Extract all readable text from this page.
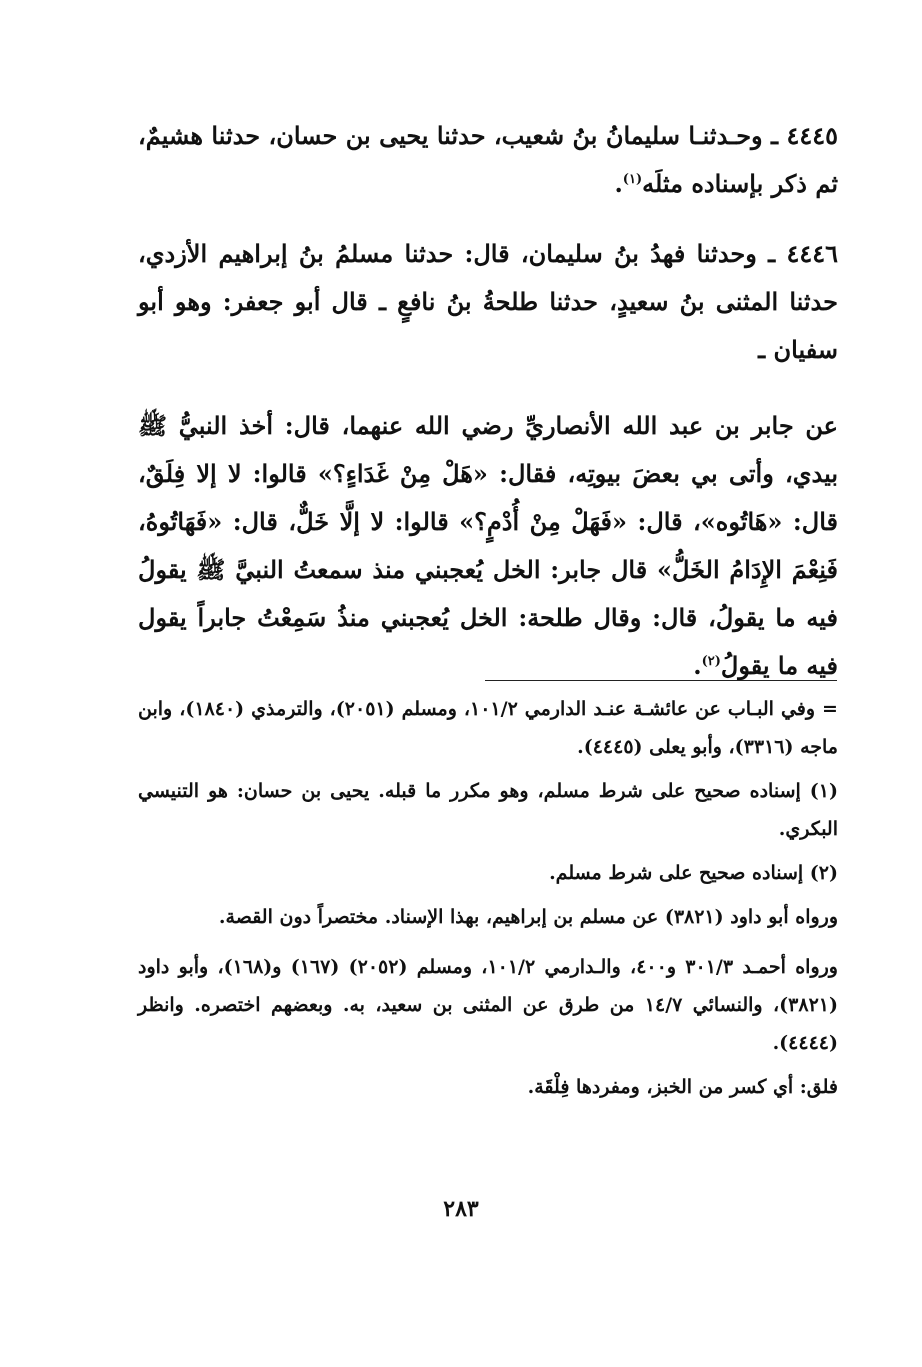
٤٤٤٥ ـ وحـدثنـا سليمانُ بنُ شعيب، حدثنا يحيى بن حسان، حدثنا هشيمٌ، ثم ذكر بإسناده مثلَه$^{(١)}$.

٤٤٤٦ ـ وحدثنا فهدُ بنُ سليمان، قال: حدثنا مسلمُ بنُ إبراهيم الأزدي، حدثنا المثنى بنُ سعيدٍ، حدثنا طلحةُ بنُ نافعٍ ـ قال أبو جعفر: وهو أبو سفيان ـ

عن جابر بن عبد الله الأنصاريِّ رضي الله عنهما، قال: أخذ النبيُّ ﷺ بيدي، وأتى بي بعضَ بيوتِه، فقال: «هَلْ مِنْ غَدَاءٍ؟» قالوا: لا إلا فِلَقٌ، قال: «هَاتُوه»، قال: «فَهَلْ مِنْ أُدْمٍ؟» قالوا: لا إلَّا خَلٌّ، قال: «فَهَاتُوهُ، فَنِعْمَ الإِدَامُ الخَلُّ» قال جابر: الخل يُعجبني منذ سمعتُ النبيَّ ﷺ يقولُ فيه ما يقولُ، قال: وقال طلحة: الخل يُعجبني منذُ سَمِعْتُ جابراً يقول فيه ما يقولُ$^{(٢)}$.

= وفي البـاب عن عائشـة عنـد الدارمي ١٠١/٢، ومسلم (٢٠٥١)، والترمذي (١٨٤٠)، وابن ماجه (٣٣١٦)، وأبو يعلى (٤٤٤٥).

(١) إسناده صحيح على شرط مسلم، وهو مكرر ما قبله. يحيى بن حسان: هو التنيسي البكري.

(٢) إسناده صحيح على شرط مسلم.

ورواه أبو داود (٣٨٢١) عن مسلم بن إبراهيم، بهذا الإسناد. مختصراً دون القصة.

ورواه أحمـد ٣٠١/٣ و٤٠٠، والـدارمي ١٠١/٢، ومسلم (٢٠٥٢) (١٦٧) و(١٦٨)، وأبو داود (٣٨٢١)، والنسائي ١٤/٧ من طرق عن المثنى بن سعيد، به. وبعضهم اختصره. وانظر (٤٤٤٤).

فلق: أي كسر من الخبز، ومفردها فِلْقَة.

٢٨٣
